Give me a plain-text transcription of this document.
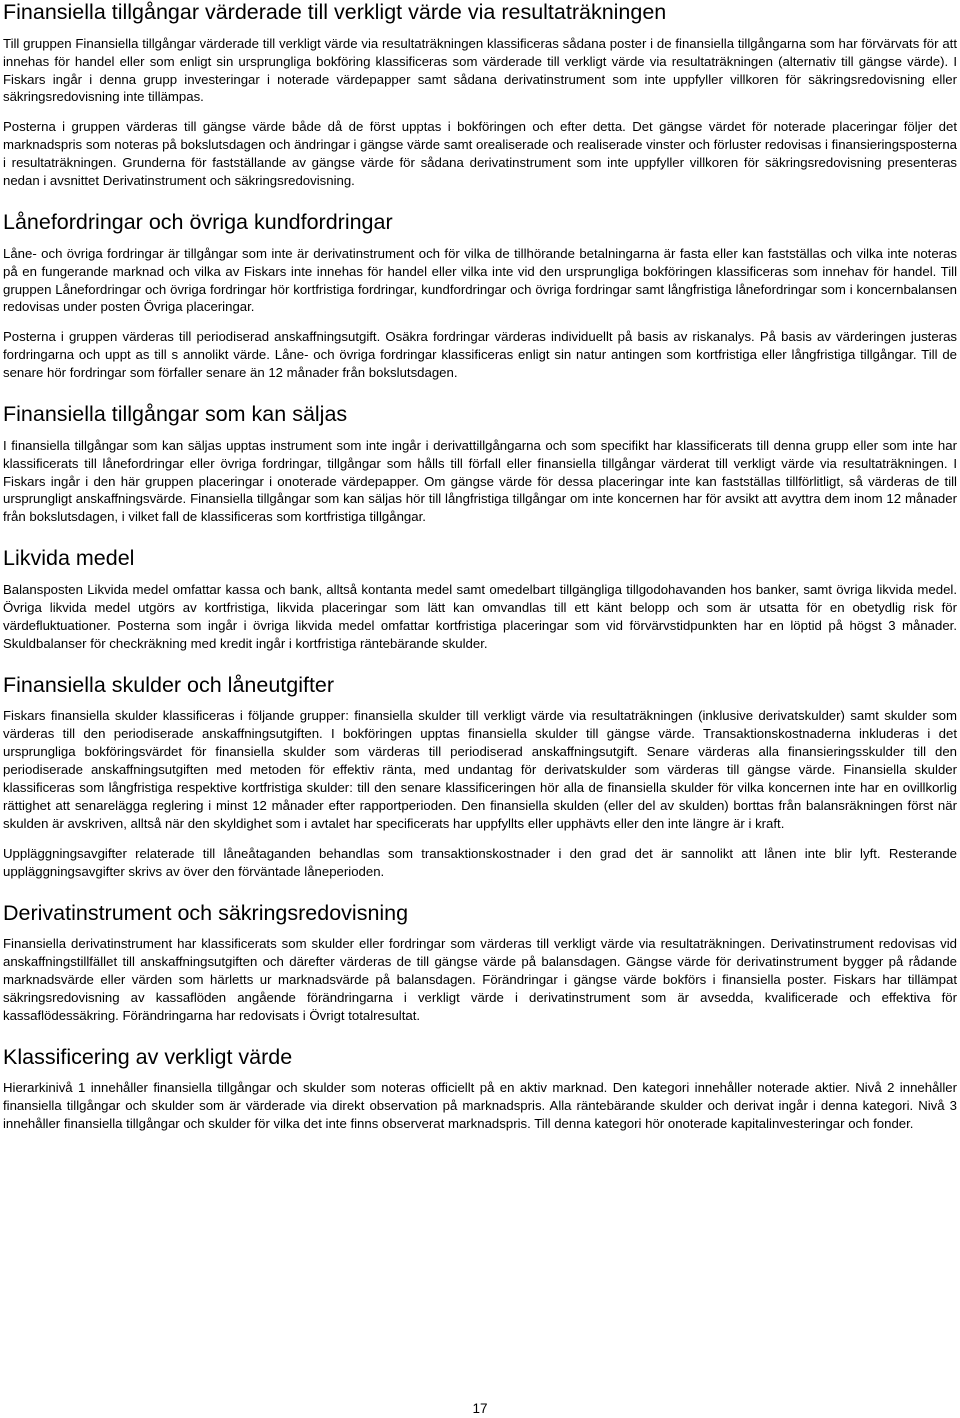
Finansiella tillgångar värderade till verkligt värde via resultaträkningen

Till gruppen Finansiella tillgångar värderade till verkligt värde via resultaträkningen klassificeras sådana poster i de finansiella tillgångarna som har förvärvats för att innehas för handel eller som enligt sin ursprungliga bokföring klassificeras som värderade till verkligt värde via resultaträkningen (alternativ till gängse värde). I Fiskars ingår i denna grupp investeringar i noterade värdepapper samt sådana derivatinstrument som inte uppfyller villkoren för säkringsredovisning eller säkringsredovisning inte tillämpas.

Posterna i gruppen värderas till gängse värde både då de först upptas i bokföringen och efter detta. Det gängse värdet för noterade placeringar följer det marknadspris som noteras på bokslutsdagen och ändringar i gängse värde samt orealiserade och realiserade vinster och förluster redovisas i finansieringsposterna i resultaträkningen. Grunderna för fastställande av gängse värde för sådana derivatinstrument som inte uppfyller villkoren för säkringsredovisning presenteras nedan i avsnittet Derivatinstrument och säkringsredovisning.

Lånefordringar och övriga kundfordringar

Låne- och övriga fordringar är tillgångar som inte är derivatinstrument och för vilka de tillhörande betalningarna är fasta eller kan fastställas och vilka inte noteras på en fungerande marknad och vilka av Fiskars inte innehas för handel eller vilka inte vid den ursprungliga bokföringen klassificeras som innehav för handel. Till gruppen Lånefordringar och övriga fordringar hör kortfristiga fordringar, kundfordringar och övriga fordringar samt långfristiga lånefordringar som i koncernbalansen redovisas under posten Övriga placeringar.

Posterna i gruppen värderas till periodiserad anskaffningsutgift. Osäkra fordringar värderas individuellt på basis av riskanalys. På basis av värderingen justeras fordringarna och uppt as till s annolikt värde. Låne- och övriga fordringar klassificeras enligt sin natur antingen som kortfristiga eller långfristiga tillgångar. Till de senare hör fordringar som förfaller senare än 12 månader från bokslutsdagen.

Finansiella tillgångar som kan säljas

I finansiella tillgångar som kan säljas upptas instrument som inte ingår i derivattillgångarna och som specifikt har klassificerats till denna grupp eller som inte har klassificerats till lånefordringar eller övriga fordringar, tillgångar som hålls till förfall eller finansiella tillgångar värderat till verkligt värde via resultaträkningen. I Fiskars ingår i den här gruppen placeringar i onoterade värdepapper. Om gängse värde för dessa placeringar inte kan fastställas tillförlitligt, så värderas de till ursprungligt anskaffningsvärde. Finansiella tillgångar som kan säljas hör till långfristiga tillgångar om inte koncernen har för avsikt att avyttra dem inom 12 månader från bokslutsdagen, i vilket fall de klassificeras som kortfristiga tillgångar.

Likvida medel

Balansposten Likvida medel omfattar kassa och bank, alltså kontanta medel samt omedelbart tillgängliga tillgodohavanden hos banker, samt övriga likvida medel. Övriga likvida medel utgörs av kortfristiga, likvida placeringar som lätt kan omvandlas till ett känt belopp och som är utsatta för en obetydlig risk för värdefluktuationer. Posterna som ingår i övriga likvida medel omfattar kortfristiga placeringar som vid förvärvstidpunkten har en löptid på högst 3 månader. Skuldbalanser för checkräkning med kredit ingår i kortfristiga räntebärande skulder.

Finansiella skulder och låneutgifter

Fiskars finansiella skulder klassificeras i följande grupper: finansiella skulder till verkligt värde via resultaträkningen (inklusive derivatskulder) samt skulder som värderas till den periodiserade anskaffningsutgiften. I bokföringen upptas finansiella skulder till gängse värde. Transaktionskostnaderna inkluderas i det ursprungliga bokföringsvärdet för finansiella skulder som värderas till periodiserad anskaffningsutgift. Senare värderas alla finansieringsskulder till den periodiserade anskaffningsutgiften med metoden för effektiv ränta, med undantag för derivatskulder som värderas till gängse värde. Finansiella skulder klassificeras som långfristiga respektive kortfristiga skulder: till den senare klassificeringen hör alla de finansiella skulder för vilka koncernen inte har en ovillkorlig rättighet att senarelägga reglering i minst 12 månader efter rapportperioden. Den finansiella skulden (eller del av skulden) borttas från balansräkningen först när skulden är avskriven, alltså när den skyldighet som i avtalet har specificerats har uppfyllts eller upphävts eller den inte längre är i kraft.

Uppläggningsavgifter relaterade till låneåtaganden behandlas som transaktionskostnader i den grad det är sannolikt att lånen inte blir lyft. Resterande uppläggningsavgifter skrivs av över den förväntade låneperioden.

Derivatinstrument och säkringsredovisning

Finansiella derivatinstrument har klassificerats som skulder eller fordringar som värderas till verkligt värde via resultaträkningen. Derivatinstrument redovisas vid anskaffningstillfället till anskaffningsutgiften och därefter värderas de till gängse värde på balansdagen. Gängse värde för derivatinstrument bygger på rådande marknadsvärde eller värden som härletts ur marknadsvärde på balansdagen. Förändringar i gängse värde bokförs i finansiella poster. Fiskars har tillämpat säkringsredovisning av kassaflöden angående förändringarna i verkligt värde i derivatinstrument som är avsedda, kvalificerade och effektiva för kassaflödessäkring. Förändringarna har redovisats i Övrigt totalresultat.

Klassificering av verkligt värde

Hierarkinivå 1 innehåller finansiella tillgångar och skulder som noteras officiellt på en aktiv marknad. Den kategori innehåller noterade aktier. Nivå 2 innehåller finansiella tillgångar och skulder som är värderade via direkt observation på marknadspris. Alla räntebärande skulder och derivat ingår i denna kategori. Nivå 3 innehåller finansiella tillgångar och skulder för vilka det inte finns observerat marknadspris. Till denna kategori hör onoterade kapitalinvesteringar och fonder.

17
